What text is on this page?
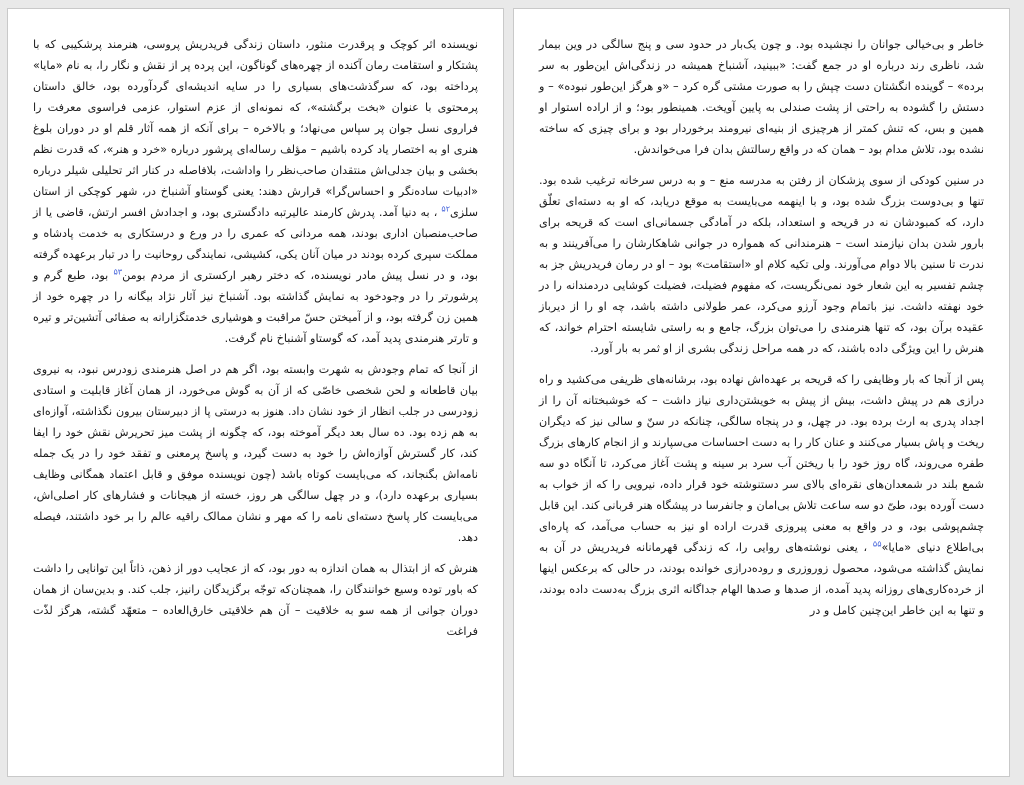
نویسنده اثر کوچک و پرقدرت منثور، داستان زندگی فریدریش پروسی، هنرمند پرشکیبی که با پشتکار و استقامت رمان آکنده از چهره‌های گوناگون، این پرده پر از نقش و نگار را، به نام «مایا» پرداخته بود، که سرگذشت‌های بسیاری را در سایه اندیشه‌ای گردآورده بود، خالق داستان پرمحتوی با عنوان «بخت برگشته»، که نمونه‌ای از عزم استوار، عزمی فراسوی معرفت را فراروی نسل جوان پر سپاس می‌نهاد؛ و بالاخره – برای آنکه از همه آثار قلم او در دوران بلوغ هنری او به اختصار یاد کرده باشیم – مؤلف رساله‌ای پرشور درباره «خرد و هنر»، که قدرت نظم بخشی و بیان جدلی‌اش منتقدان صاحب‌نظر را واداشت، بلافاصله در کنار اثر تحلیلی شیلر درباره «ادبیات ساده‌نگر و احساس‌گرا» قرارش دهند: یعنی گوستاو آشنباخ در، شهر کوچکی از استان سلزی$^{۵۲}$ ، به دنیا آمد. پدرش کارمند عالیرتبه دادگستری بود، و اجدادش افسر ارتش، قاضی یا از صاحب‌منصبان اداری بودند، همه مردانی که عمری را در ورع و درستکاری به خدمت پادشاه و مملکت سپری کرده بودند در میان آنان یکی، کشیشی، نمایندگی روحانیت را در تبار برعهده گرفته بود، و در نسل پیش مادر نویسنده، که دختر رهبر ارکستری از مردم بومن$^{۵۳}$ بود، طبع گرم و پرشورتر را در وجودخود به نمایش گذاشته بود. آشنباخ نیز آثار نژاد بیگانه را در چهره خود از همین زن گرفته بود، و از آمیختن حسّ مراقبت و هوشیاری خدمتگزارانه به صفائی آتشین‌تر و تیره و تارتر هنرمندی پدید آمد، که گوستاو آشنباخ نام گرفت.

از آنجا که تمام وجودش به شهرت وابسته بود، اگر هم در اصل هنرمندی زودرس نبود، به نیروی بیان قاطعانه و لحن شخصی خاصّی که از آن به گوش می‌خورد، از همان آغاز قابلیت و استادی زودرسی در جلب انظار از خود نشان داد. هنوز به درستی پا از دبیرستان بیرون نگذاشته، آوازه‌ای به هم زده بود. ده سال بعد دیگر آموخته بود، که چگونه از پشت میز تحریرش نقش خود را ایفا کند، کار گسترش آوازه‌اش را خود به دست گیرد، و پاسخ پرمعنی و تفقد خود را در یک جمله نامه‌اش بگنجاند، که می‌بایست کوتاه باشد (چون نویسنده موفق و قابل اعتماد همگانی وظایف بسیاری برعهده دارد)، و در چهل سالگی هر روز، خسته از هیجانات و فشارهای کار اصلی‌اش، می‌بایست کار پاسخ دسته‌ای نامه را که مهر و نشان ممالک راقیه عالم را بر خود داشتند، فیصله دهد.

هنرش که از ابتذال به همان اندازه به دور بود، که از عجایب دور از ذهن، ذاتاً این توانایی را داشت که باور توده وسیع خوانندگان را، همچنان‌که توجّه برگزیدگان رانیز، جلب کند. و بدین‌سان از همان دوران جوانی از همه سو به خلاقیت – آن هم خلاقیتی خارق‌العاده – متعهّد گشته، هرگز لذّت فراغت

خاطر و بی‌خیالی جوانان را نچشیده بود. و چون یک‌بار در حدود سی و پنج سالگی در وین بیمار شد، ناظری رند درباره او در جمع گفت: «ببینید، آشنباخ همیشه در زندگی‌اش این‌طور به سر برده» – گوینده انگشتان دست چپش را به صورت مشتی گره کرد – «و هرگز این‌طور نبوده» – و دستش را گشوده به راحتی از پشت صندلی به پایین آویخت. همینطور بود؛ و از اراده استوار او همین و بس، که تنش کمتر از هرچیزی از بنیه‌ای نیرومند برخوردار بود و برای چیزی که ساخته نشده بود، تلاش مدام بود – همان که در واقع رسالتش بدان فرا می‌خواندش.

در سنین کودکی از سوی پزشکان از رفتن به مدرسه منع – و به درس سرخانه ترغیب شده بود. تنها و بی‌دوست بزرگ شده بود، و با اینهمه می‌بایست به موقع دریابد، که او به دسته‌ای تعلّق دارد، که کمبودشان نه در قریحه و استعداد، بلکه در آمادگی جسمانی‌ای است که قریحه برای بارور شدن بدان نیازمند است – هنرمندانی که همواره در جوانی شاهکارشان را می‌آفرینند و به ندرت تا سنین بالا دوام می‌آورند. ولی تکیه کلام او «استقامت» بود – او در رمان فریدریش جز به چشم تفسیر به این شعار خود نمی‌نگریست، که مفهوم فضیلت، فضیلت کوشایی دردمندانه را در خود نهفته داشت. نیز باتمام وجود آرزو می‌کرد، عمر طولانی داشته باشد، چه او را از دیرباز عقیده برآن بود، که تنها هنرمندی را می‌توان بزرگ، جامع و به راستی شایسته احترام خواند، که هنرش را این ویژگی داده باشند، که در همه مراحل زندگی بشری از او ثمر به بار آورد.

پس از آنجا که بار وظایفی را که قریحه بر عهده‌اش نهاده بود، برشانه‌های ظریفی می‌کشید و راه درازی هم در پیش داشت، بیش از پیش به خویشتن‌داری نیاز داشت – که خوشبختانه آن را از اجداد پدری به ارث برده بود. در چهل، و در پنجاه سالگی، چنانکه در سنّ و سالی نیز که دیگران ریخت و پاش بسیار می‌کنند و عنان کار را به دست احساسات می‌سپارند و از انجام کارهای بزرگ طفره می‌روند، گاه روز خود را با ریختن آب سرد بر سینه و پشت آغاز می‌کرد، تا آنگاه دو سه شمع بلند در شمعدان‌های نقره‌ای بالای سر دستنوشته خود قرار داده، نیرویی را که از خواب به دست آورده بود، طیّ دو سه ساعت تلاش بی‌امان و جانفرسا در پیشگاه هنر قربانی کند. این قابل چشم‌پوشی بود، و در واقع به معنی پیروزی قدرت اراده او نیز به حساب می‌آمد، که پاره‌ای بی‌اطلاع دنیای «مایا»$^{۵۵}$ ، یعنی نوشته‌های روایی را، که زندگی قهرمانانه فریدریش در آن به نمایش گذاشته می‌شود، محصول زوروزری و روده‌درازی خوانده بودند، در حالی که برعکس اینها از خرده‌کاری‌های روزانه پدید آمده، از صدها و صدها الهام جداگانه اثری بزرگ به‌دست داده بودند، و تنها به این خاطر این‌چنین کامل و در
